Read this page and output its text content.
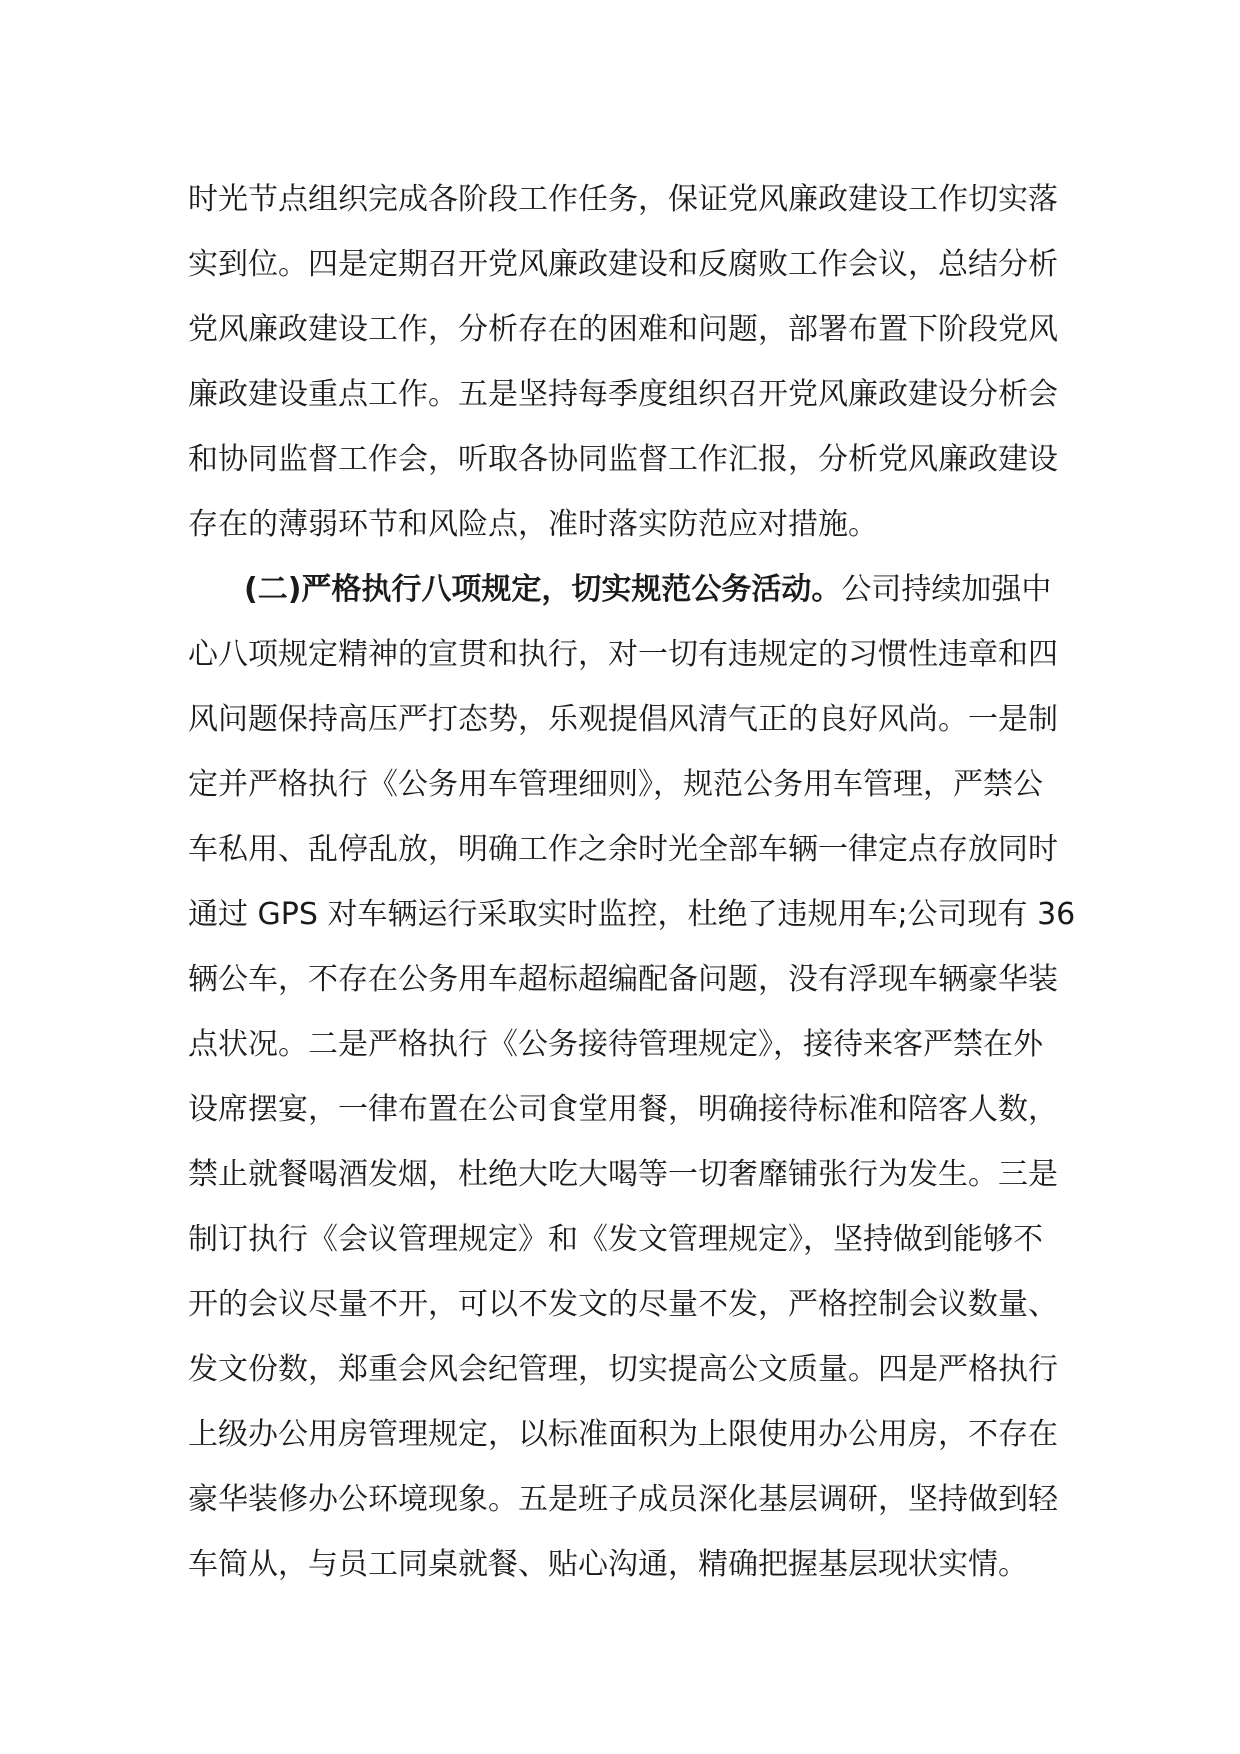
时光节点组织完成各阶段工作任务，保证党风廉政建设工作切实落
实到位。四是定期召开党风廉政建设和反腐败工作会议，总结分析
党风廉政建设工作，分析存在的困难和问题，部署布置下阶段党风
廉政建设重点工作。五是坚持每季度组织召开党风廉政建设分析会
和协同监督工作会，听取各协同监督工作汇报，分析党风廉政建设
存在的薄弱环节和风险点，准时落实防范应对措施。
(二)严格执行八项规定，切实规范公务活动。公司持续加强中
心八项规定精神的宣贯和执行，对一切有违规定的习惯性违章和四
风问题保持高压严打态势，乐观提倡风清气正的良好风尚。一是制
定并严格执行《公务用车管理细则》，规范公务用车管理，严禁公
车私用、乱停乱放，明确工作之余时光全部车辆一律定点存放同时
通过 GPS 对车辆运行采取实时监控，杜绝了违规用车;公司现有 36
辆公车，不存在公务用车超标超编配备问题，没有浮现车辆豪华装
点状况。二是严格执行《公务接待管理规定》，接待来客严禁在外
设席摆宴，一律布置在公司食堂用餐，明确接待标准和陪客人数，
禁止就餐喝酒发烟，杜绝大吃大喝等一切奢靡铺张行为发生。三是
制订执行《会议管理规定》和《发文管理规定》，坚持做到能够不
开的会议尽量不开，可以不发文的尽量不发，严格控制会议数量、
发文份数，郑重会风会纪管理，切实提高公文质量。四是严格执行
上级办公用房管理规定，以标准面积为上限使用办公用房，不存在
豪华装修办公环境现象。五是班子成员深化基层调研，坚持做到轻
车简从，与员工同桌就餐、贴心沟通，精确把握基层现状实情。
